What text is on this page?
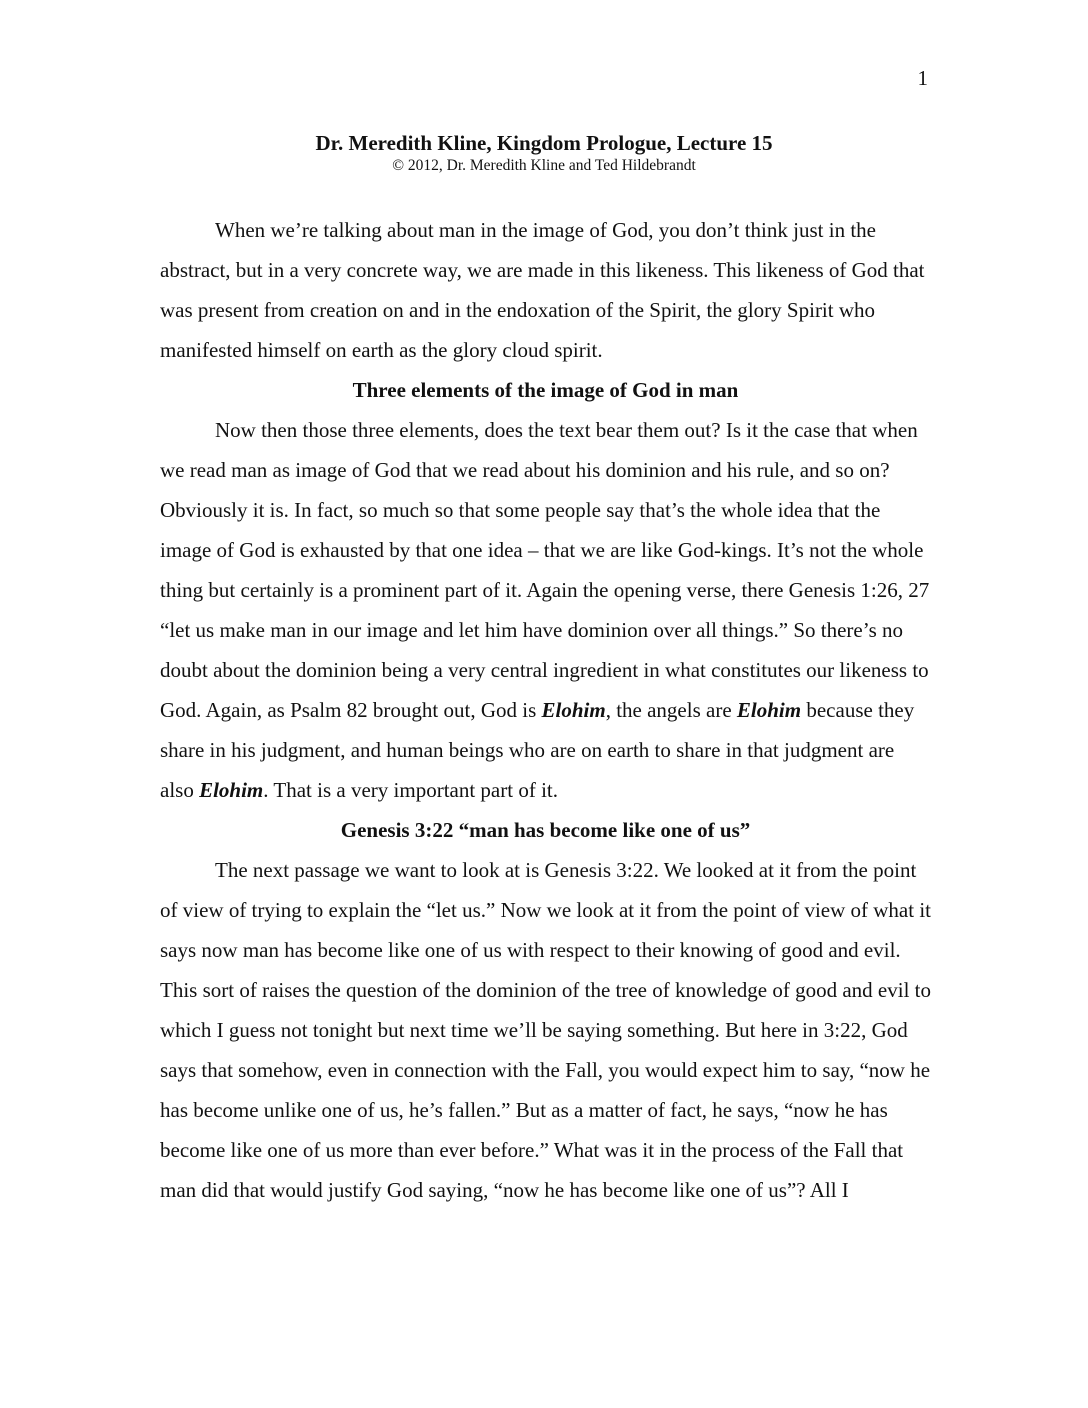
1
Dr. Meredith Kline, Kingdom Prologue, Lecture 15
© 2012, Dr. Meredith Kline and Ted Hildebrandt

When we’re talking about man in the image of God, you don’t think just in the abstract, but in a very concrete way, we are made in this likeness. This likeness of God that was present from creation on and in the endoxation of the Spirit, the glory Spirit who manifested himself on earth as the glory cloud spirit.

Three elements of the image of God in man

Now then those three elements, does the text bear them out? Is it the case that when we read man as image of God that we read about his dominion and his rule, and so on? Obviously it is. In fact, so much so that some people say that’s the whole idea that the image of God is exhausted by that one idea – that we are like God-kings. It’s not the whole thing but certainly is a prominent part of it. Again the opening verse, there Genesis 1:26, 27 “let us make man in our image and let him have dominion over all things.” So there’s no doubt about the dominion being a very central ingredient in what constitutes our likeness to God. Again, as Psalm 82 brought out, God is Elohim, the angels are Elohim because they share in his judgment, and human beings who are on earth to share in that judgment are also Elohim. That is a very important part of it.

Genesis 3:22 “man has become like one of us”

The next passage we want to look at is Genesis 3:22. We looked at it from the point of view of trying to explain the “let us.” Now we look at it from the point of view of what it says now man has become like one of us with respect to their knowing of good and evil. This sort of raises the question of the dominion of the tree of knowledge of good and evil to which I guess not tonight but next time we’ll be saying something. But here in 3:22, God says that somehow, even in connection with the Fall, you would expect him to say, “now he has become unlike one of us, he’s fallen.” But as a matter of fact, he says, “now he has become like one of us more than ever before.” What was it in the process of the Fall that man did that would justify God saying, “now he has become like one of us”? All I
